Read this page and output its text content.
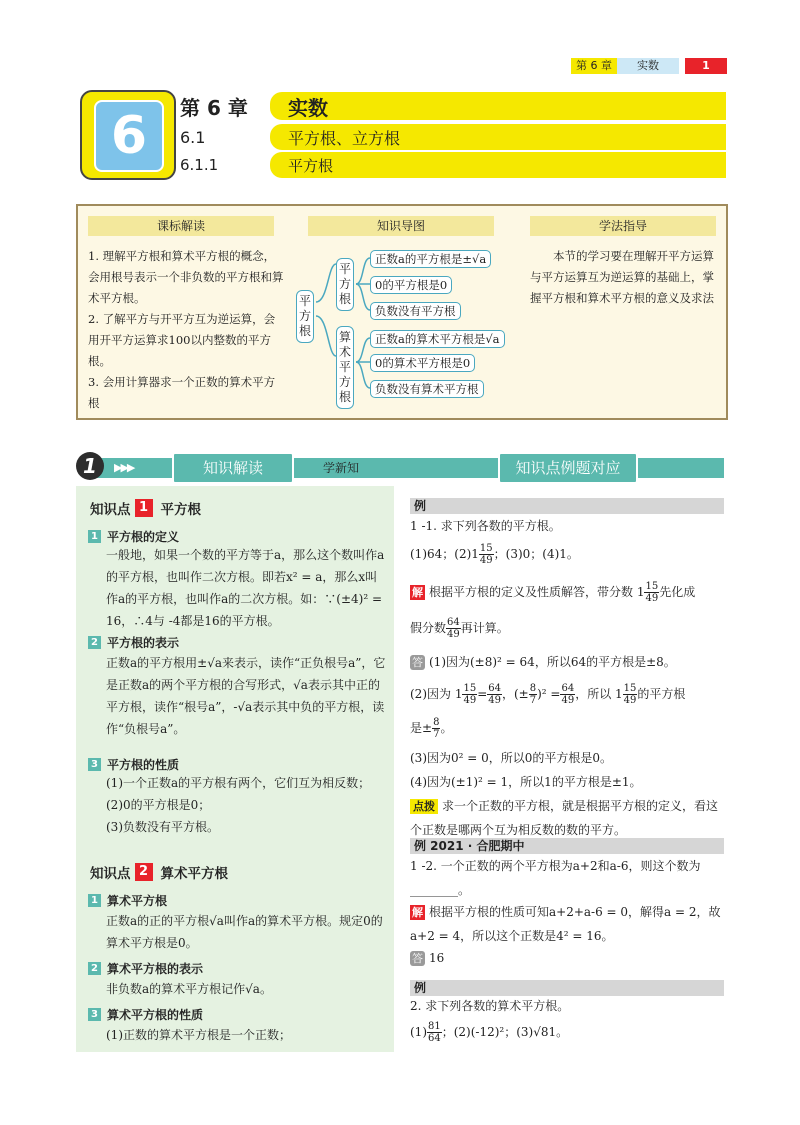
第 6 章	实数	1
6	第 6 章	实数
6.1	平方根、立方根
6.1.1	平方根
课标解读	知识导图	学法指导
1. 理解平方根和算术平方根的概念，会用根号表示一个非负数的平方根和算术平方根。
2. 了解平方与开平方互为逆运算，会用开平方运算求100以内整数的平方根。
3. 会用计算器求一个正数的算术平方根
平方根
平方根
算术平方根
正数a的平方根是±√a
0的平方根是0
负数没有平方根
正数a的算术平方根是√a
0的算术平方根是0
负数没有算术平方根
本节的学习要在理解开平方运算与平方运算互为逆运算的基础上，掌握平方根和算术平方根的意义及求法
1	▶▶▶	知识解读	学新知	知识点例题对应
知识点 1 平方根
1 平方根的定义
一般地，如果一个数的平方等于a，那么这个数叫作a的平方根，也叫作二次方根。即若x² = a，那么x叫作a的平方根，也叫作a的二次方根。如：∵(±4)² = 16，∴4与 -4都是16的平方根。
2 平方根的表示
正数a的平方根用±√a来表示，读作“正负根号a”，它是正数a的两个平方根的合写形式，√a表示其中正的平方根，读作“根号a”，-√a表示其中负的平方根，读作“负根号a”。
3 平方根的性质
(1)一个正数a的平方根有两个，它们互为相反数；
(2)0的平方根是0；
(3)负数没有平方根。
知识点 2 算术平方根
1 算术平方根
正数a的正的平方根√a叫作a的算术平方根。规定0的算术平方根是0。
2 算术平方根的表示
非负数a的算术平方根记作√a。
3 算术平方根的性质
(1)正数的算术平方根是一个正数；
例
1 -1. 求下列各数的平方根。
(1)64；$(2)1 \frac{15}{49}$ ；(3)0；(4)1。
解 根据平方根的定义及性质解答，带分数 $1 \frac{15}{49}$ 先化成
假分数 $\frac{64}{49}$ 再计算。
答 (1)因为(±8)² = 64，所以64的平方根是±8。
(2)因为 $1 \frac{15}{49} = \frac{64}{49}$ ，(± $\frac{8}{7} )^2 = \frac{64}{49}$ ，所以 $1 \frac{15}{49}$ 的平方根
是± $\frac{8}{7}$ 。
(3)因为0² = 0，所以0的平方根是0。
(4)因为(±1)² = 1，所以1的平方根是±1。
点拨 求一个正数的平方根，就是根据平方根的定义，看这个正数是哪两个互为相反数的数的平方。
例 2021 · 合肥期中
1 -2. 一个正数的两个平方根为a+2和a-6，则这个数为________。
解 根据平方根的性质可知a+2+a-6 = 0，解得a = 2，故a+2 = 4，所以这个正数是4² = 16。
答 16
例
2. 求下列各数的算术平方根。
$(1) \frac{81}{64}$ ；(2)(-12)²；(3)√81。
